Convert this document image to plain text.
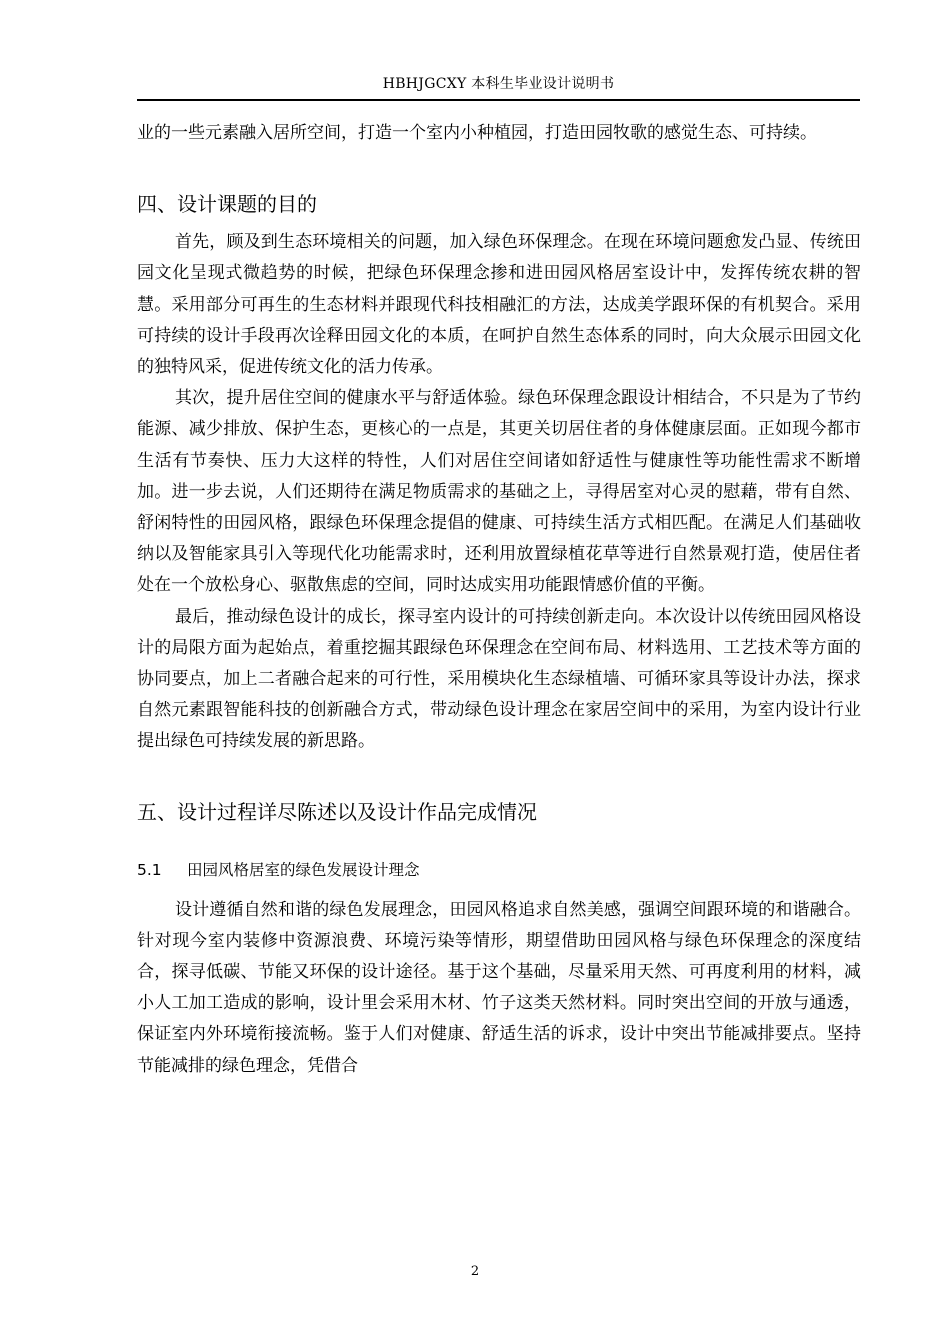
HBHJGCXY 本科生毕业设计说明书

业的一些元素融入居所空间，打造一个室内小种植园，打造田园牧歌的感觉生态、可持续。

四、设计课题的目的

首先，顾及到生态环境相关的问题，加入绿色环保理念。在现在环境问题愈发凸显、传统田园文化呈现式微趋势的时候，把绿色环保理念掺和进田园风格居室设计中，发挥传统农耕的智慧。采用部分可再生的生态材料并跟现代科技相融汇的方法，达成美学跟环保的有机契合。采用可持续的设计手段再次诠释田园文化的本质，在呵护自然生态体系的同时，向大众展示田园文化的独特风采，促进传统文化的活力传承。

其次，提升居住空间的健康水平与舒适体验。绿色环保理念跟设计相结合，不只是为了节约能源、减少排放、保护生态，更核心的一点是，其更关切居住者的身体健康层面。正如现今都市生活有节奏快、压力大这样的特性，人们对居住空间诸如舒适性与健康性等功能性需求不断增加。进一步去说，人们还期待在满足物质需求的基础之上，寻得居室对心灵的慰藉，带有自然、舒闲特性的田园风格，跟绿色环保理念提倡的健康、可持续生活方式相匹配。在满足人们基础收纳以及智能家具引入等现代化功能需求时，还利用放置绿植花草等进行自然景观打造，使居住者处在一个放松身心、驱散焦虑的空间，同时达成实用功能跟情感价值的平衡。

最后，推动绿色设计的成长，探寻室内设计的可持续创新走向。本次设计以传统田园风格设计的局限方面为起始点，着重挖掘其跟绿色环保理念在空间布局、材料选用、工艺技术等方面的协同要点，加上二者融合起来的可行性，采用模块化生态绿植墙、可循环家具等设计办法，探求自然元素跟智能科技的创新融合方式，带动绿色设计理念在家居空间中的采用，为室内设计行业提出绿色可持续发展的新思路。

五、设计过程详尽陈述以及设计作品完成情况
5.1 田园风格居室的绿色发展设计理念

设计遵循自然和谐的绿色发展理念，田园风格追求自然美感，强调空间跟环境的和谐融合。针对现今室内装修中资源浪费、环境污染等情形，期望借助田园风格与绿色环保理念的深度结合，探寻低碳、节能又环保的设计途径。基于这个基础，尽量采用天然、可再度利用的材料，减小人工加工造成的影响，设计里会采用木材、竹子这类天然材料。同时突出空间的开放与通透，保证室内外环境衔接流畅。鉴于人们对健康、舒适生活的诉求，设计中突出节能减排要点。坚持节能减排的绿色理念，凭借合

2
